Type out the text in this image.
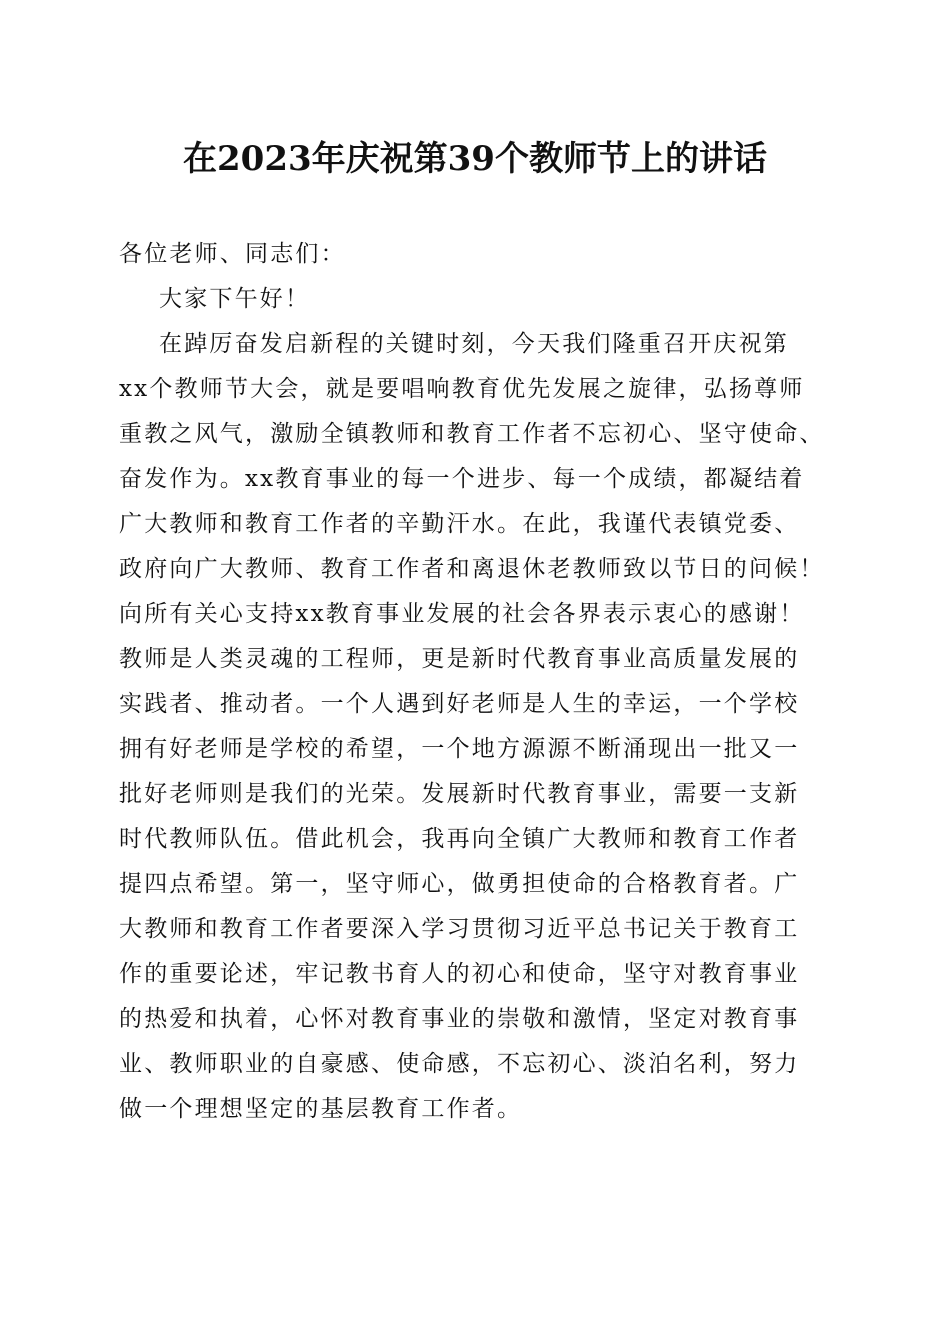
在2023年庆祝第39个教师节上的讲话
各位老师、同志们：
大家下午好！
在踔厉奋发启新程的关键时刻，今天我们隆重召开庆祝第
xx个教师节大会，就是要唱响教育优先发展之旋律，弘扬尊师
重教之风气，激励全镇教师和教育工作者不忘初心、坚守使命、
奋发作为。xx教育事业的每一个进步、每一个成绩，都凝结着
广大教师和教育工作者的辛勤汗水。在此，我谨代表镇党委、
政府向广大教师、教育工作者和离退休老教师致以节日的问候！
向所有关心支持xx教育事业发展的社会各界表示衷心的感谢！
教师是人类灵魂的工程师，更是新时代教育事业高质量发展的
实践者、推动者。一个人遇到好老师是人生的幸运，一个学校
拥有好老师是学校的希望，一个地方源源不断涌现出一批又一
批好老师则是我们的光荣。发展新时代教育事业，需要一支新
时代教师队伍。借此机会，我再向全镇广大教师和教育工作者
提四点希望。第一，坚守师心，做勇担使命的合格教育者。广
大教师和教育工作者要深入学习贯彻习近平总书记关于教育工
作的重要论述，牢记教书育人的初心和使命，坚守对教育事业
的热爱和执着，心怀对教育事业的崇敬和激情，坚定对教育事
业、教师职业的自豪感、使命感，不忘初心、淡泊名利，努力
做一个理想坚定的基层教育工作者。
